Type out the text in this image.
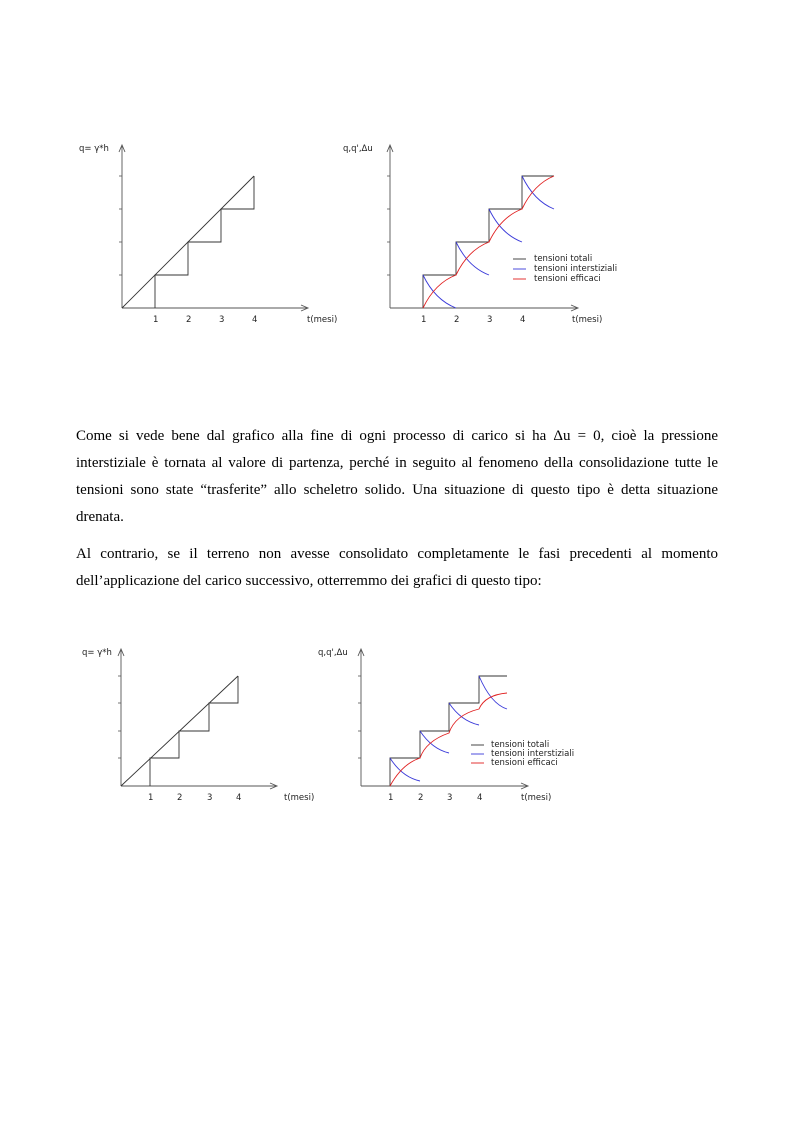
q= γ*h
1	2	3	4	t(mesi)
q,q',Δu
1	2	3	4	t(mesi)
tensioni totali
tensioni interstiziali
tensioni efficaci

Come si vede bene dal grafico alla fine di ogni processo di carico si ha Δu = 0, cioè la pressione interstiziale è tornata al valore di partenza, perché in seguito al fenomeno della consolidazione tutte le tensioni sono state “trasferite” allo scheletro solido. Una situazione di questo tipo è detta situazione drenata.

Al contrario, se il terreno non avesse consolidato completamente le fasi precedenti al momento dell’applicazione del carico successivo, otterremmo dei grafici di questo tipo:

q= γ*h
1	2	3	4	t(mesi)
q,q',Δu
1	2	3	4	t(mesi)
tensioni totali
tensioni interstiziali
tensioni efficaci
